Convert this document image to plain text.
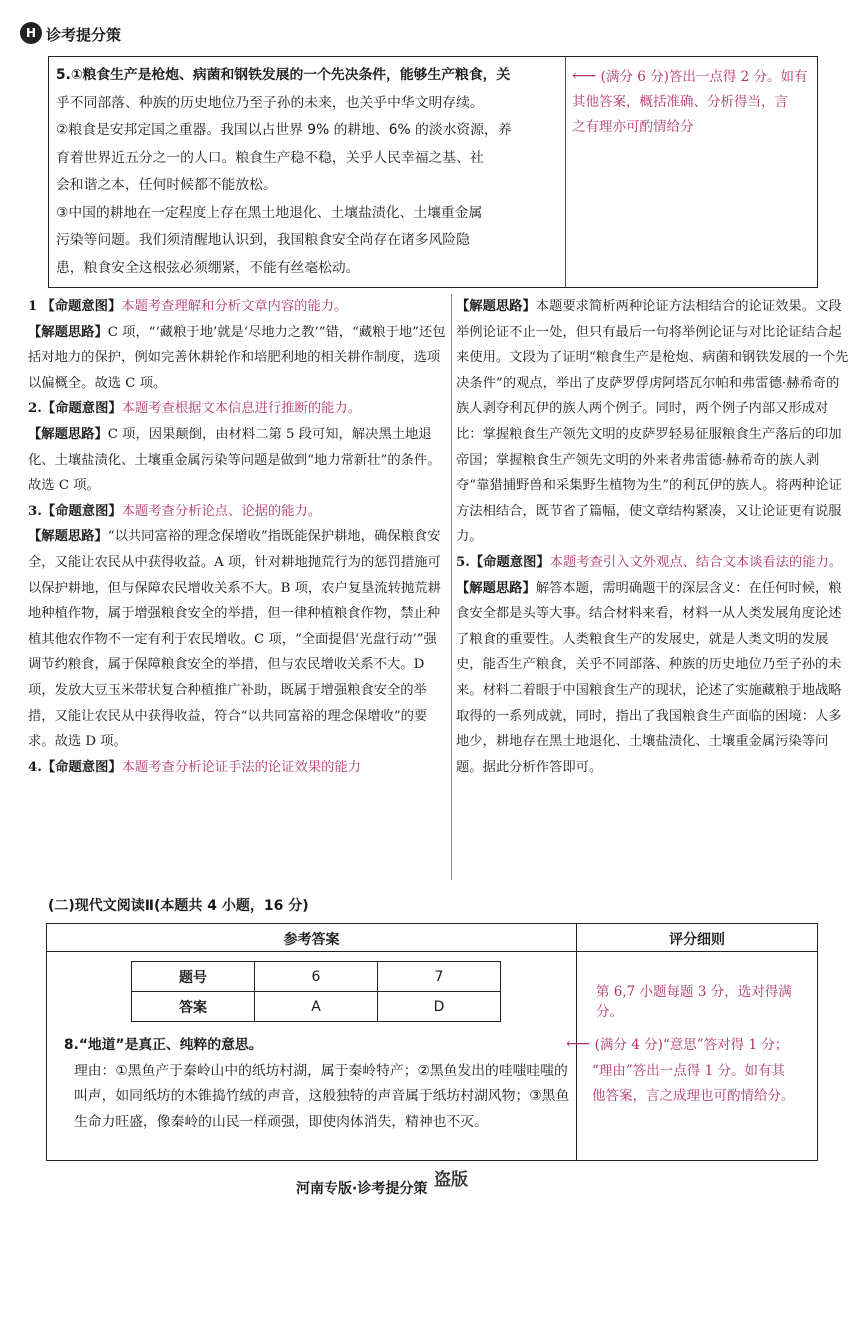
H 诊考提分策

5.①粮食生产是枪炮、病菌和钢铁发展的一个先决条件，能够生产粮食，关

乎不同部落、种族的历史地位乃至子孙的未来，也关乎中华文明存续。

②粮食是安邦定国之重器。我国以占世界 9% 的耕地、6% 的淡水资源，养

育着世界近五分之一的人口。粮食生产稳不稳，关乎人民幸福之基、社

会和谐之本，任何时候都不能放松。

③中国的耕地在一定程度上存在黑土地退化、土壤盐渍化、土壤重金属

污染等问题。我们须清醒地认识到，我国粮食安全尚存在诸多风险隐

患，粮食安全这根弦必须绷紧，不能有丝毫松动。

⟵ (满分 6 分)答出一点得 2 分。如有
其他答案，概括准确、分析得当，言
之有理亦可酌情给分

1 【命题意图】本题考查理解和分析文章内容的能力。

【解题思路】C 项，“‘藏粮于地’就是‘尽地力之教’”错，“藏粮于地”还包括对地力的保护，例如完善休耕轮作和培肥利地的相关耕作制度，选项以偏概全。故选 C 项。

2.【命题意图】本题考查根据文本信息进行推断的能力。

【解题思路】C 项，因果颠倒，由材料二第 5 段可知，解决黑土地退化、土壤盐渍化、土壤重金属污染等问题是做到“地力常新壮”的条件。故选 C 项。

3.【命题意图】本题考查分析论点、论据的能力。

【解题思路】“以共同富裕的理念保增收”指既能保护耕地，确保粮食安全，又能让农民从中获得收益。A 项，针对耕地抛荒行为的惩罚措施可以保护耕地，但与保障农民增收关系不大。B 项，农户复垦流转抛荒耕地种植作物，属于增强粮食安全的举措，但一律种植粮食作物，禁止种植其他农作物不一定有利于农民增收。C 项，“全面提倡‘光盘行动’”强调节约粮食，属于保障粮食安全的举措，但与农民增收关系不大。D 项，发放大豆玉米带状复合种植推广补助，既属于增强粮食安全的举措，又能让农民从中获得收益，符合“以共同富裕的理念保增收”的要求。故选 D 项。

4.【命题意图】本题考查分析论证手法的论证效果的能力

【解题思路】本题要求简析两种论证方法相结合的论证效果。文段举例论证不止一处，但只有最后一句将举例论证与对比论证结合起来使用。文段为了证明“粮食生产是枪炮、病菌和钢铁发展的一个先决条件”的观点，举出了皮萨罗俘虏阿塔瓦尔帕和弗雷德·赫希奇的族人剥夺利瓦伊的族人两个例子。同时，两个例子内部又形成对比：掌握粮食生产领先文明的皮萨罗轻易征服粮食生产落后的印加帝国；掌握粮食生产领先文明的外来者弗雷德·赫希奇的族人剥夺“靠猎捕野兽和采集野生植物为生”的利瓦伊的族人。将两种论证方法相结合，既节省了篇幅，使文章结构紧凑，又让论证更有说服力。

5.【命题意图】本题考查引入文外观点、结合文本谈看法的能力。

【解题思路】解答本题，需明确题干的深层含义：在任何时候，粮食安全都是头等大事。结合材料来看，材料一从人类发展角度论述了粮食的重要性。人类粮食生产的发展史，就是人类文明的发展史，能否生产粮食，关乎不同部落、种族的历史地位乃至子孙的未来。材料二着眼于中国粮食生产的现状，论述了实施藏粮于地战略取得的一系列成就，同时，指出了我国粮食生产面临的困境：人多地少，耕地存在黑土地退化、土壤盐渍化、土壤重金属污染等问题。据此分析作答即可。

(二)现代文阅读Ⅱ(本题共 4 小题，16 分)
参考答案	评分细则
题号	6	7
答案	A	D
8.“地道”是真正、纯粹的意思。
理由：①黑鱼产于秦岭山中的纸坊村湖，属于秦岭特产；②黑鱼发出的哇嗤哇嗤的叫声，如同纸坊的木锥捣竹绒的声音，这般独特的声音属于纸坊村湖风物；③黑鱼生命力旺盛，像秦岭的山民一样顽强，即使肉体消失，精神也不灭。
第 6,7 小题每题 3 分，选对得满分。
⟵ (满分 4 分)“意思”答对得 1 分；
“理由”答出一点得 1 分。如有其
他答案，言之成理也可酌情给分。
河南专版·诊考提分策 盗版
